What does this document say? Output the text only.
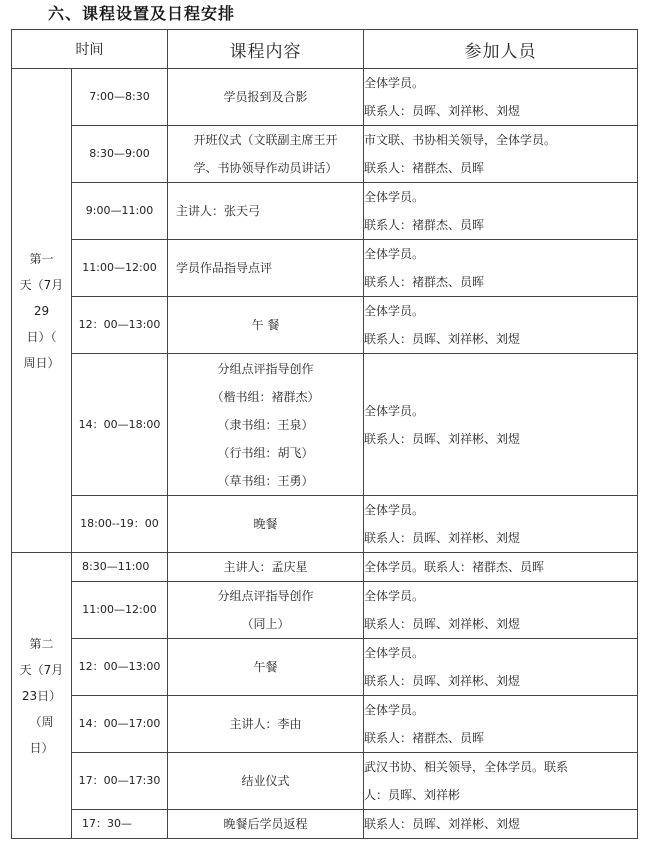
六、课程设置及日程安排
时间		课程内容	参加人员

第一
天（7月
29
日）（
周日）	7:00—8:30	学员报到及合影	全体学员。
联系人：员晖、刘祥彬、刘煜

	8:30—9:00	开班仪式（文联副主席王开
学、书协领导作动员讲话）	市文联、书协相关领导，全体学员。
联系人：褚群杰、员晖

	9:00—11:00	主讲人：张天弓	全体学员。
联系人：褚群杰、员晖

	11:00—12:00	学员作品指导点评	全体学员。
联系人：褚群杰、员晖

	12：00—13:00	午 餐	全体学员。
联系人：员晖、刘祥彬、刘煜

	14：00—18:00	分组点评指导创作
（楷书组：褚群杰）
（隶书组：王泉）
（行书组：胡飞）
（草书组：王勇）	全体学员。
联系人：员晖、刘祥彬、刘煜

	18:00--19：00	晚餐	全体学员。
联系人：员晖、刘祥彬、刘煜

第二
天（7月
23日）
（周
日）	8:30—11:00	主讲人：孟庆星	全体学员。联系人：褚群杰、员晖

	11:00—12:00	分组点评指导创作
（同上）	全体学员。
联系人：员晖、刘祥彬、刘煜

	12：00—13:00	午餐	全体学员。
联系人：员晖、刘祥彬、刘煜

	14：00—17:00	主讲人：李由	全体学员。
联系人：褚群杰、员晖

	17：00—17:30	结业仪式	武汉书协、相关领导，全体学员。联系
人：员晖、刘祥彬

	17：30—	晚餐后学员返程	联系人：员晖、刘祥彬、刘煜
